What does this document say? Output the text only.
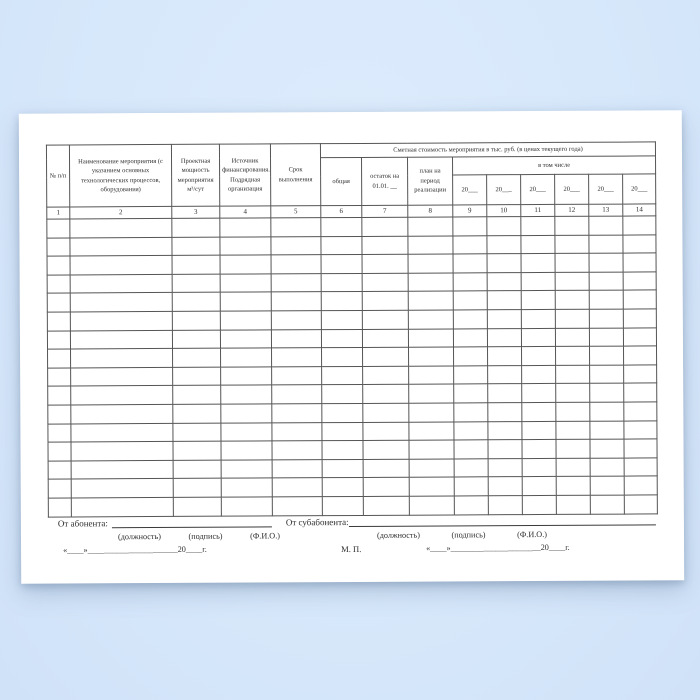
№ п/п	Наименование мероприятия (с указанием основных технологических процессов, оборудования)	Проектная мощность мероприятия м³/сут	Источник финансирования. Подрядная организация	Срок выполнения	Сметная стоимость мероприятия в тыс. руб. (в ценах текущего года)								
					общая	остаток на 01.01. __	план на период реализации	в том числе					
								20___	20___	20___	20___	20___	20___
1	2	3	4	5	6	7	8	9	10	11	12	13	14

От абонента:	От субабонента:
(должность)	(подпись)	(Ф.И.О.)	(должность)	(подпись)	(Ф.И.О.)
«____»______________________20____г.	М. П.	«____»______________________20____г.
